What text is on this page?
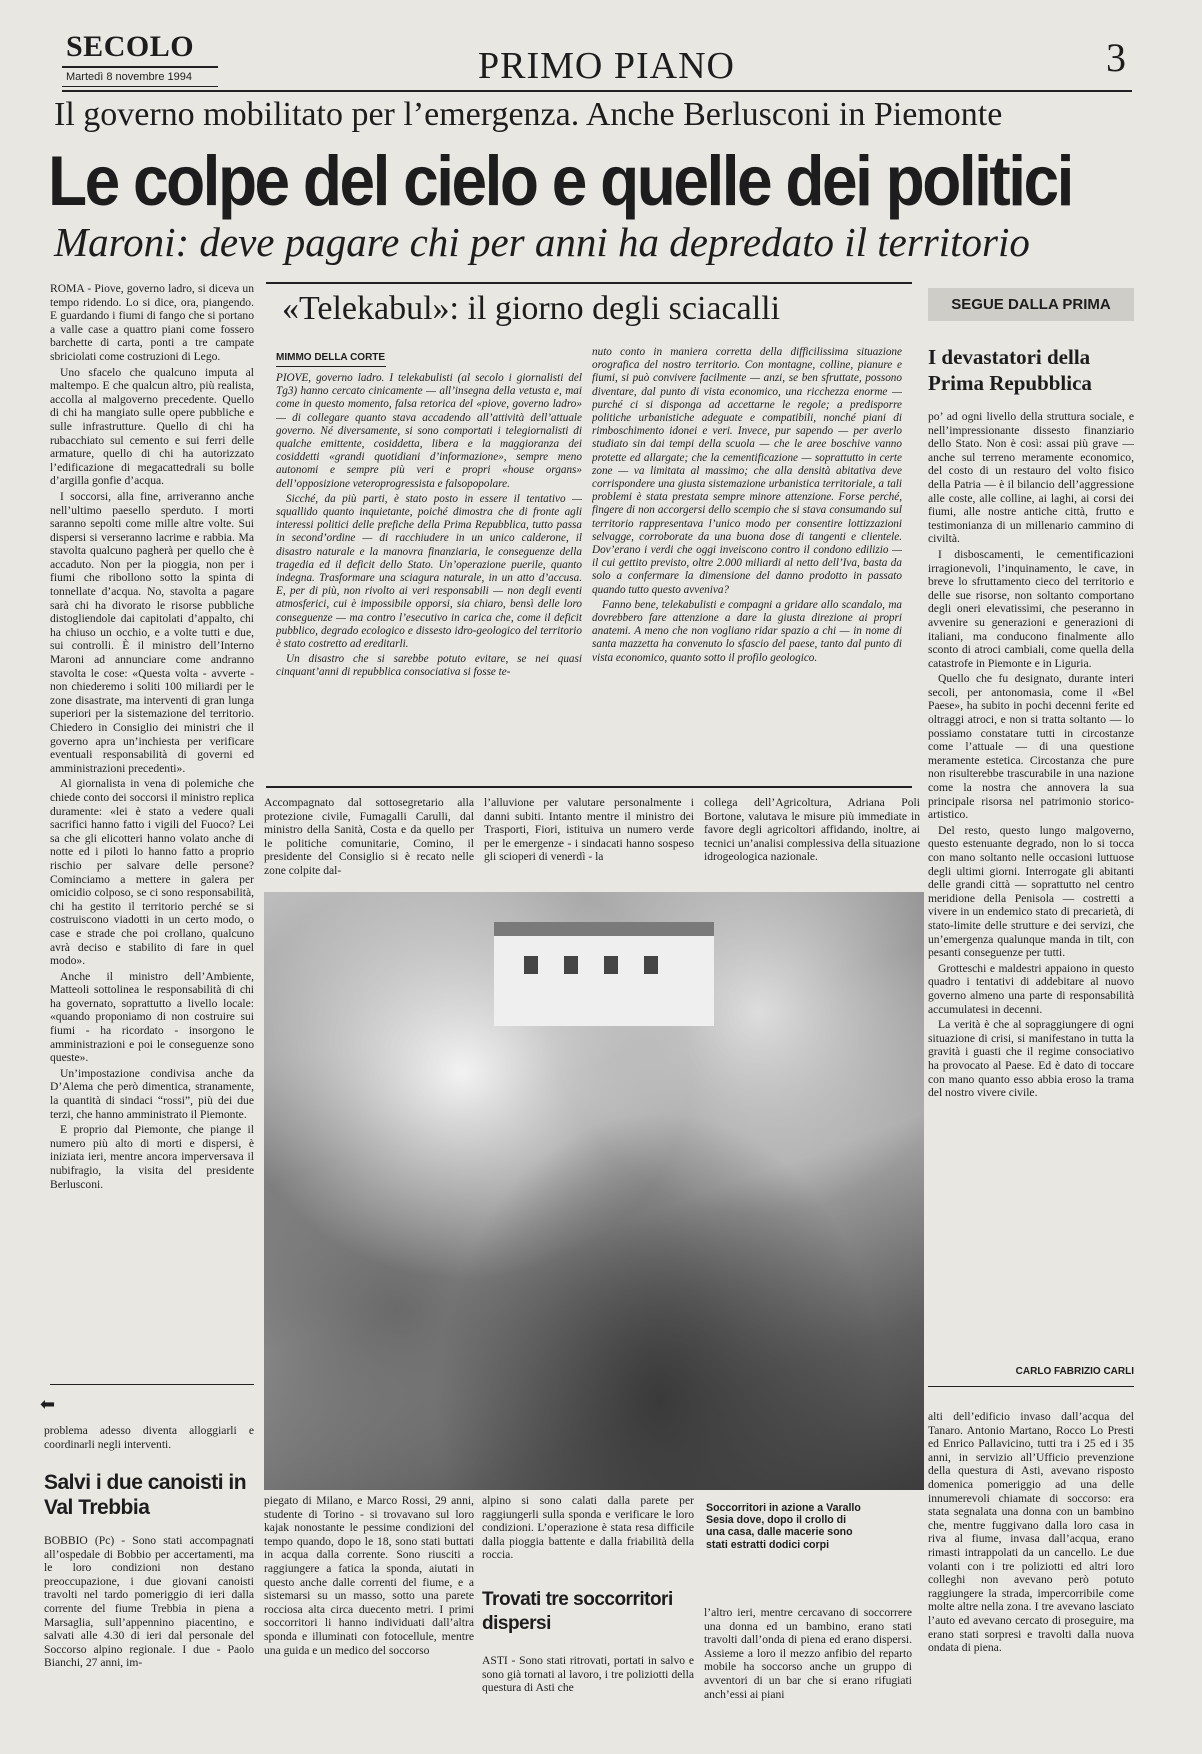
SECOLO
Martedì 8 novembre 1994	PRIMO PIANO	3
Il governo mobilitato per l’emergenza. Anche Berlusconi in Piemonte
Le colpe del cielo e quelle dei politici
Maroni: deve pagare chi per anni ha depredato il territorio

ROMA - Piove, governo ladro, si diceva un tempo ridendo. Lo si dice, ora, piangendo. E guardando i fiumi di fango che si portano a valle case a quattro piani come fossero barchette di carta, ponti a tre campate sbriciolati come costruzioni di Lego.

Uno sfacelo che qualcuno imputa al maltempo. E che qualcun altro, più realista, accolla al malgoverno precedente. Quello di chi ha mangiato sulle opere pubbliche e sulle infrastrutture. Quello di chi ha rubacchiato sul cemento e sui ferri delle armature, quello di chi ha autorizzato l’edificazione di megacattedrali su bolle d’argilla gonfie d’acqua.

I soccorsi, alla fine, arriveranno anche nell’ultimo paesello sperduto. I morti saranno sepolti come mille altre volte. Sui dispersi si verseranno lacrime e rabbia. Ma stavolta qualcuno pagherà per quello che è accaduto. Non per la pioggia, non per i fiumi che ribollono sotto la spinta di tonnellate d’acqua. No, stavolta a pagare sarà chi ha divorato le risorse pubbliche distogliendole dai capitolati d’appalto, chi ha chiuso un occhio, e a volte tutti e due, sui controlli. È il ministro dell’Interno Maroni ad annunciare come andranno stavolta le cose: «Questa volta - avverte - non chiederemo i soliti 100 miliardi per le zone disastrate, ma interventi di gran lunga superiori per la sistemazione del territorio. Chiedero in Consiglio dei ministri che il governo apra un’inchiesta per verificare eventuali responsabilità di governi ed amministrazioni precedenti».

Al giornalista in vena di polemiche che chiede conto dei soccorsi il ministro replica duramente: «lei è stato a vedere quali sacrifici hanno fatto i vigili del Fuoco? Lei sa che gli elicotteri hanno volato anche di notte ed i piloti lo hanno fatto a proprio rischio per salvare delle persone? Cominciamo a mettere in galera per omicidio colposo, se ci sono responsabilità, chi ha gestito il territorio perché se si costruiscono viadotti in un certo modo, o case e strade che poi crollano, qualcuno avrà deciso e stabilito di fare in quel modo».

Anche il ministro dell’Ambiente, Matteoli sottolinea le responsabilità di chi ha governato, soprattutto a livello locale: «quando proponiamo di non costruire sui fiumi - ha ricordato - insorgono le amministrazioni e poi le conseguenze sono queste».

Un’impostazione condivisa anche da D’Alema che però dimentica, stranamente, la quantità di sindaci “rossi”, più dei due terzi, che hanno amministrato il Piemonte.

E proprio dal Piemonte, che piange il numero più alto di morti e dispersi, è iniziata ieri, mentre ancora imperversava il nubifragio, la visita del presidente Berlusconi.

«Telekabul»: il giorno degli sciacalli
MIMMO DELLA CORTE

PIOVE, governo ladro. I telekabulisti (al secolo i giornalisti del Tg3) hanno cercato cinicamente — all’insegna della vetusta e, mai come in questo momento, falsa retorica del «piove, governo ladro» — di collegare quanto stava accadendo all’attività dell’attuale governo. Né diversamente, si sono comportati i telegiornalisti di qualche emittente, cosiddetta, libera e la maggioranza dei cosiddetti «grandi quotidiani d’informazione», sempre meno autonomi e sempre più veri e propri «house organs» dell’opposizione veteroprogressista e falsopopolare.

Sicché, da più parti, è stato posto in essere il tentativo — squallido quanto inquietante, poiché dimostra che di fronte agli interessi politici delle prefiche della Prima Repubblica, tutto passa in second’ordine — di racchiudere in un unico calderone, il disastro naturale e la manovra finanziaria, le conseguenze della tragedia ed il deficit dello Stato. Un’operazione puerile, quanto indegna. Trasformare una sciagura naturale, in un atto d’accusa. E, per di più, non rivolto ai veri responsabili — non degli eventi atmosferici, cui è impossibile opporsi, sia chiaro, bensì delle loro conseguenze — ma contro l’esecutivo in carica che, come il deficit pubblico, degrado ecologico e dissesto idro-geologico del territorio è stato costretto ad ereditarli.

Un disastro che si sarebbe potuto evitare, se nei quasi cinquant’anni di repubblica consociativa si fosse te-

nuto conto in maniera corretta della difficilissima situazione orografica del nostro territorio. Con montagne, colline, pianure e fiumi, si può convivere facilmente — anzi, se ben sfruttate, possono diventare, dal punto di vista economico, una ricchezza enorme — purché ci si disponga ad accettarne le regole; a predisporre politiche urbanistiche adeguate e compatibili, nonché piani di rimboschimento idonei e veri. Invece, pur sapendo — per averlo studiato sin dai tempi della scuola — che le aree boschive vanno protette ed allargate; che la cementificazione — soprattutto in certe zone — va limitata al massimo; che alla densità abitativa deve corrispondere una giusta sistemazione urbanistica territoriale, a tali problemi è stata prestata sempre minore attenzione. Forse perché, fingere di non accorgersi dello scempio che si stava consumando sul territorio rappresentava l’unico modo per consentire lottizzazioni selvagge, corroborate da una buona dose di tangenti e clientele. Dov’erano i verdi che oggi inveiscono contro il condono edilizio — il cui gettito previsto, oltre 2.000 miliardi al netto dell’Iva, basta da solo a confermare la dimensione del danno prodotto in passato quando tutto questo avveniva?

Fanno bene, telekabulisti e compagni a gridare allo scandalo, ma dovrebbero fare attenzione a dare la giusta direzione ai propri anatemi. A meno che non vogliano ridar spazio a chi — in nome di santa mazzetta ha convenuto lo sfascio del paese, tanto dal punto di vista economico, quanto sotto il profilo geologico.

Accompagnato dal sottosegretario alla protezione civile, Fumagalli Carulli, dal ministro della Sanità, Costa e da quello per le politiche comunitarie, Comino, il presidente del Consiglio si è recato nelle zone colpite dal-

l’alluvione per valutare personalmente i danni subiti. Intanto mentre il ministro dei Trasporti, Fiori, istituiva un numero verde per le emergenze - i sindacati hanno sospeso gli scioperi di venerdì - la

collega dell’Agricoltura, Adriana Poli Bortone, valutava le misure più immediate in favore degli agricoltori affidando, inoltre, ai tecnici un’analisi complessiva della situazione idrogeologica nazionale.

Soccorritori in azione a Varallo Sesia dove, dopo il crollo di una casa, dalle macerie sono stati estratti dodici corpi
SEGUE DALLA PRIMA
I devastatori della Prima Repubblica

po’ ad ogni livello della struttura sociale, e nell’impressionante dissesto finanziario dello Stato. Non è così: assai più grave — anche sul terreno meramente economico, del costo di un restauro del volto fisico della Patria — è il bilancio dell’aggressione alle coste, alle colline, ai laghi, ai corsi dei fiumi, alle nostre antiche città, frutto e testimonianza di un millenario cammino di civiltà.

I disboscamenti, le cementificazioni irragionevoli, l’inquinamento, le cave, in breve lo sfruttamento cieco del territorio e delle sue risorse, non soltanto comportano degli oneri elevatissimi, che peseranno in avvenire su generazioni e generazioni di italiani, ma conducono finalmente allo sconto di atroci cambiali, come quella della catastrofe in Piemonte e in Liguria.

Quello che fu designato, durante interi secoli, per antonomasia, come il «Bel Paese», ha subito in pochi decenni ferite ed oltraggi atroci, e non si tratta soltanto — lo possiamo constatare tutti in circostanze come l’attuale — di una questione meramente estetica. Circostanza che pure non risulterebbe trascurabile in una nazione come la nostra che annovera la sua principale risorsa nel patrimonio storico-artistico.

Del resto, questo lungo malgoverno, questo estenuante degrado, non lo si tocca con mano soltanto nelle occasioni luttuose degli ultimi giorni. Interrogate gli abitanti delle grandi città — soprattutto nel centro meridione della Penisola — costretti a vivere in un endemico stato di precarietà, di stato-limite delle strutture e dei servizi, che un’emergenza qualunque manda in tilt, con pesanti conseguenze per tutti.

Grotteschi e maldestri appaiono in questo quadro i tentativi di addebitare al nuovo governo almeno una parte di responsabilità accumulatesi in decenni.

La verità è che al sopraggiungere di ogni situazione di crisi, si manifestano in tutta la gravità i guasti che il regime consociativo ha provocato al Paese. Ed è dato di toccare con mano quanto esso abbia eroso la trama del nostro vivere civile.

CARLO FABRIZIO CARLI

alti dell’edificio invaso dall’acqua del Tanaro. Antonio Martano, Rocco Lo Presti ed Enrico Pallavicino, tutti tra i 25 ed i 35 anni, in servizio all’Ufficio prevenzione della questura di Asti, avevano risposto domenica pomeriggio ad una delle innumerevoli chiamate di soccorso: era stata segnalata una donna con un bambino che, mentre fuggivano dalla loro casa in riva al fiume, invasa dall’acqua, erano rimasti intrappolati da un cancello. Le due volanti con i tre poliziotti ed altri loro colleghi non avevano però potuto raggiungere la strada, impercorribile come molte altre nella zona. I tre avevano lasciato l’auto ed avevano cercato di proseguire, ma erano stati sorpresi e travolti dalla nuova ondata di piena.

⬅

problema adesso diventa alloggiarli e coordinarli negli interventi.

Salvi i due canoisti in Val Trebbia

BOBBIO (Pc) - Sono stati accompagnati all’ospedale di Bobbio per accertamenti, ma le loro condizioni non destano preoccupazione, i due giovani canoisti travolti nel tardo pomeriggio di ieri dalla corrente del fiume Trebbia in piena a Marsaglia, sull’appennino piacentino, e salvati alle 4.30 di ieri dal personale del Soccorso alpino regionale. I due - Paolo Bianchi, 27 anni, im-

piegato di Milano, e Marco Rossi, 29 anni, studente di Torino - si trovavano sul loro kajak nonostante le pessime condizioni del tempo quando, dopo le 18, sono stati buttati in acqua dalla corrente. Sono riusciti a raggiungere a fatica la sponda, aiutati in questo anche dalle correnti del fiume, e a sistemarsi su un masso, sotto una parete rocciosa alta circa duecento metri. I primi soccorritori li hanno individuati dall’altra sponda e illuminati con fotocellule, mentre una guida e un medico del soccorso

alpino si sono calati dalla parete per raggiungerli sulla sponda e verificare le loro condizioni. L’operazione è stata resa difficile dalla pioggia battente e dalla friabilità della roccia.

Trovati tre soccorritori dispersi

ASTI - Sono stati ritrovati, portati in salvo e sono già tornati al lavoro, i tre poliziotti della questura di Asti che

l’altro ieri, mentre cercavano di soccorrere una donna ed un bambino, erano stati travolti dall’onda di piena ed erano dispersi. Assieme a loro il mezzo anfibio del reparto mobile ha soccorso anche un gruppo di avventori di un bar che si erano rifugiati anch’essi ai piani
